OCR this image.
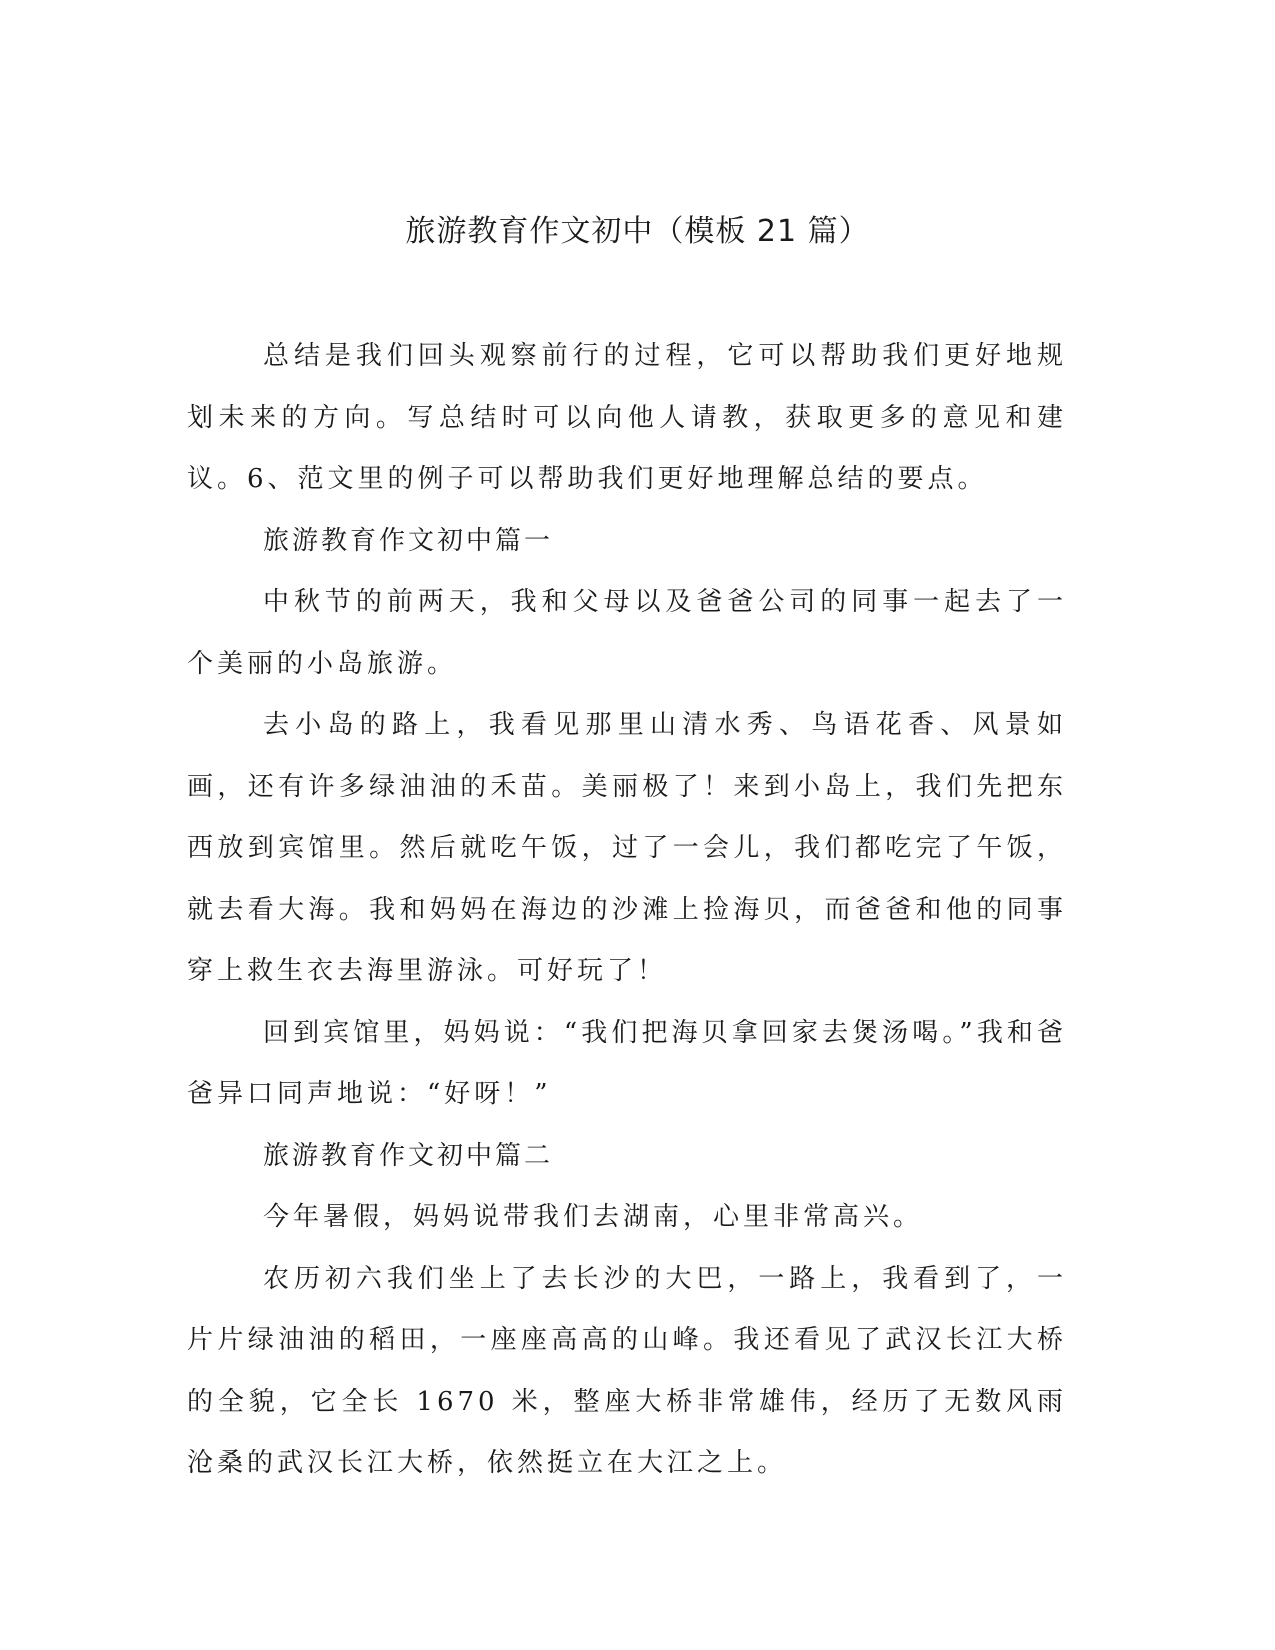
旅游教育作文初中（模板 21 篇）

总结是我们回头观察前行的过程，它可以帮助我们更好地规划未来的方向。写总结时可以向他人请教，获取更多的意见和建议。6、范文里的例子可以帮助我们更好地理解总结的要点。

旅游教育作文初中篇一

中秋节的前两天，我和父母以及爸爸公司的同事一起去了一个美丽的小岛旅游。

去小岛的路上，我看见那里山清水秀、鸟语花香、风景如画，还有许多绿油油的禾苗。美丽极了！来到小岛上，我们先把东西放到宾馆里。然后就吃午饭，过了一会儿，我们都吃完了午饭，就去看大海。我和妈妈在海边的沙滩上捡海贝，而爸爸和他的同事穿上救生衣去海里游泳。可好玩了！

回到宾馆里，妈妈说：“我们把海贝拿回家去煲汤喝。”我和爸爸异口同声地说：“好呀！”

旅游教育作文初中篇二

今年暑假，妈妈说带我们去湖南，心里非常高兴。

农历初六我们坐上了去长沙的大巴，一路上，我看到了，一片片绿油油的稻田，一座座高高的山峰。我还看见了武汉长江大桥的全貌，它全长 1670 米，整座大桥非常雄伟，经历了无数风雨沧桑的武汉长江大桥，依然挺立在大江之上。
